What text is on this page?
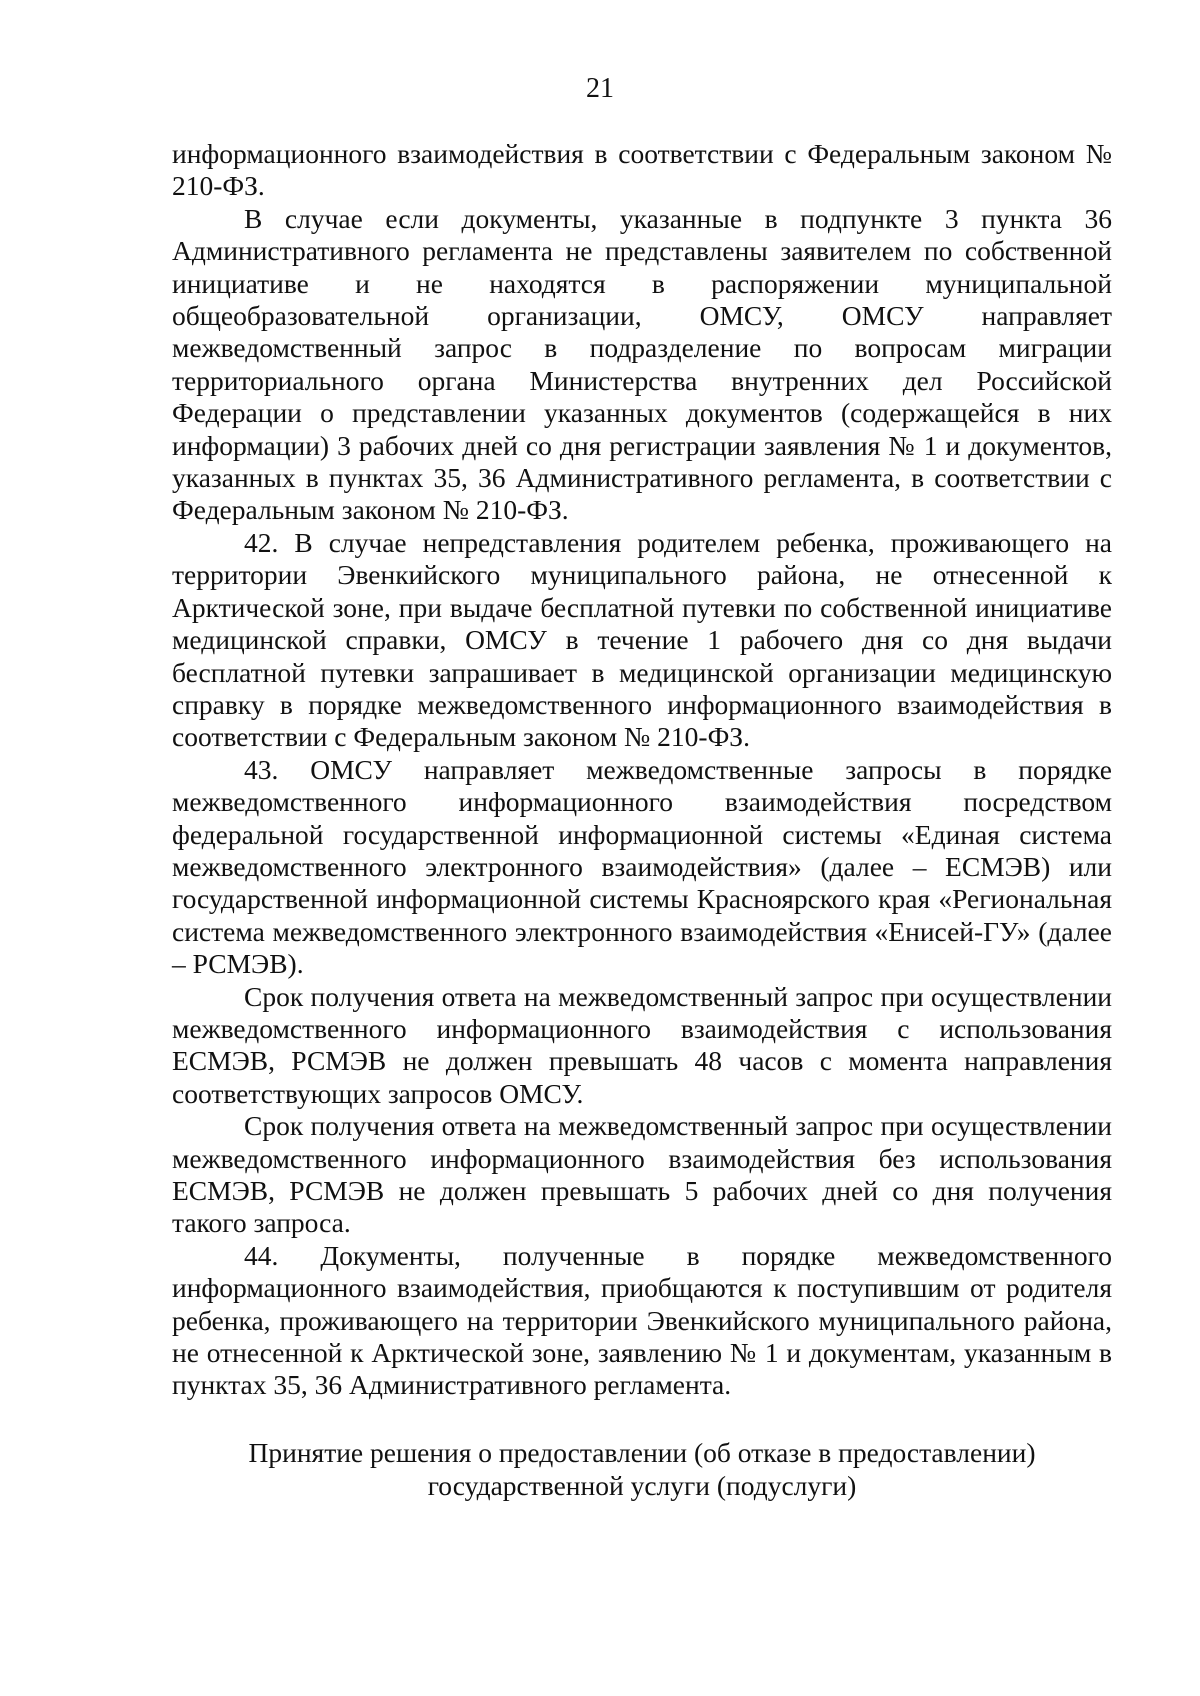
21

информационного взаимодействия в соответствии с Федеральным законом № 210-ФЗ.

В случае если документы, указанные в подпункте 3 пункта 36 Административного регламента не представлены заявителем по собственной инициативе и не находятся в распоряжении муниципальной общеобразовательной организации, ОМСУ, ОМСУ направляет межведомственный запрос в подразделение по вопросам миграции территориального органа Министерства внутренних дел Российской Федерации о представлении указанных документов (содержащейся в них информации) 3 рабочих дней со дня регистрации заявления № 1 и документов, указанных в пунктах 35, 36 Административного регламента, в соответствии с Федеральным законом № 210-ФЗ.

42. В случае непредставления родителем ребенка, проживающего на территории Эвенкийского муниципального района, не отнесенной к Арктической зоне, при выдаче бесплатной путевки по собственной инициативе медицинской справки, ОМСУ в течение 1 рабочего дня со дня выдачи бесплатной путевки запрашивает в медицинской организации медицинскую справку в порядке межведомственного информационного взаимодействия в соответствии с Федеральным законом № 210-ФЗ.

43. ОМСУ направляет межведомственные запросы в порядке межведомственного информационного взаимодействия посредством федеральной государственной информационной системы «Единая система межведомственного электронного взаимодействия» (далее – ЕСМЭВ) или государственной информационной системы Красноярского края «Региональная система межведомственного электронного взаимодействия «Енисей-ГУ» (далее – РСМЭВ).

Срок получения ответа на межведомственный запрос при осуществлении межведомственного информационного взаимодействия с использования ЕСМЭВ, РСМЭВ не должен превышать 48 часов с момента направления соответствующих запросов ОМСУ.

Срок получения ответа на межведомственный запрос при осуществлении межведомственного информационного взаимодействия без использования ЕСМЭВ, РСМЭВ не должен превышать 5 рабочих дней со дня получения такого запроса.

44. Документы, полученные в порядке межведомственного информационного взаимодействия, приобщаются к поступившим от родителя ребенка, проживающего на территории Эвенкийского муниципального района, не отнесенной к Арктической зоне, заявлению № 1 и документам, указанным в пунктах 35, 36 Административного регламента.

Принятие решения о предоставлении (об отказе в предоставлении)
государственной услуги (подуслуги)
